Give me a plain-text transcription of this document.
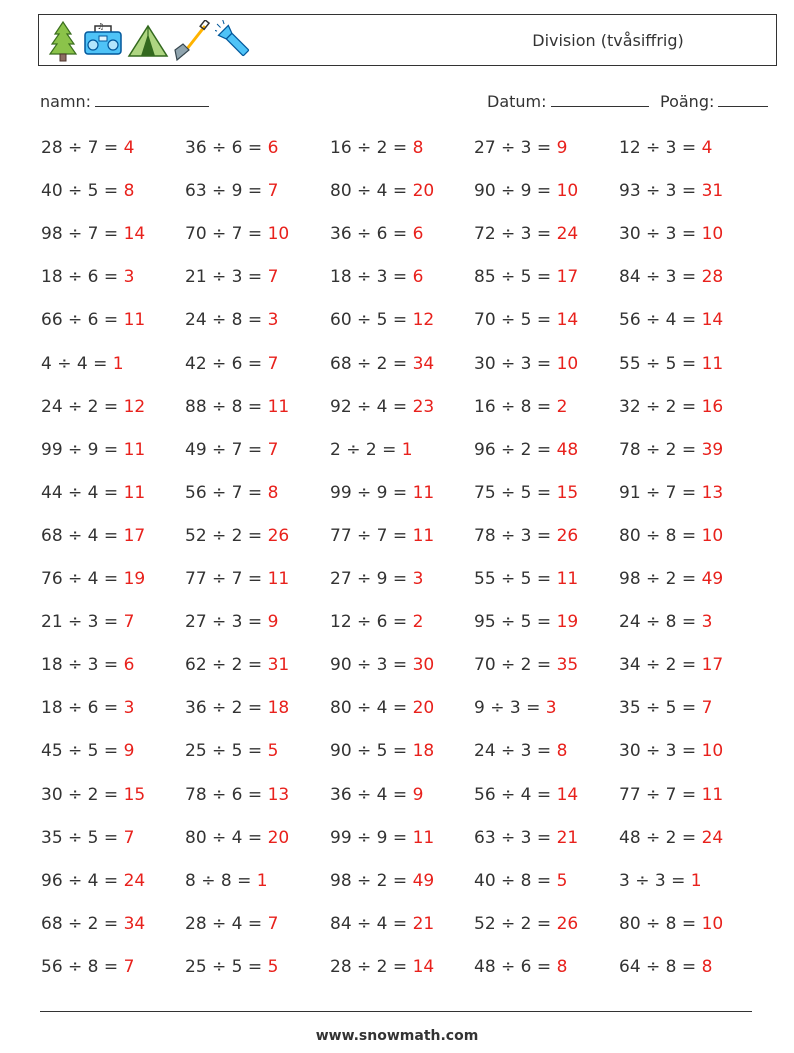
♫
Division (tvåsiffrig)
namn:	Datum:	Poäng:
28 ÷ 7 = 4	36 ÷ 6 = 6	16 ÷ 2 = 8	27 ÷ 3 = 9	12 ÷ 3 = 4
40 ÷ 5 = 8	63 ÷ 9 = 7	80 ÷ 4 = 20 90 ÷ 9 = 10 93 ÷ 3 = 31
98 ÷ 7 = 14 70 ÷ 7 = 10 36 ÷ 6 = 6	72 ÷ 3 = 24 30 ÷ 3 = 10
18 ÷ 6 = 3	21 ÷ 3 = 7	18 ÷ 3 = 6	85 ÷ 5 = 17 84 ÷ 3 = 28
66 ÷ 6 = 11 24 ÷ 8 = 3	60 ÷ 5 = 12 70 ÷ 5 = 14 56 ÷ 4 = 14
4 ÷ 4 = 1	42 ÷ 6 = 7	68 ÷ 2 = 34 30 ÷ 3 = 10 55 ÷ 5 = 11
24 ÷ 2 = 12 88 ÷ 8 = 11 92 ÷ 4 = 23 16 ÷ 8 = 2	32 ÷ 2 = 16
99 ÷ 9 = 11 49 ÷ 7 = 7	2 ÷ 2 = 1	96 ÷ 2 = 48 78 ÷ 2 = 39
44 ÷ 4 = 11 56 ÷ 7 = 8	99 ÷ 9 = 11 75 ÷ 5 = 15 91 ÷ 7 = 13
68 ÷ 4 = 17 52 ÷ 2 = 26 77 ÷ 7 = 11 78 ÷ 3 = 26 80 ÷ 8 = 10
76 ÷ 4 = 19 77 ÷ 7 = 11 27 ÷ 9 = 3	55 ÷ 5 = 11 98 ÷ 2 = 49
21 ÷ 3 = 7	27 ÷ 3 = 9	12 ÷ 6 = 2	95 ÷ 5 = 19 24 ÷ 8 = 3
18 ÷ 3 = 6	62 ÷ 2 = 31 90 ÷ 3 = 30 70 ÷ 2 = 35 34 ÷ 2 = 17
18 ÷ 6 = 3	36 ÷ 2 = 18 80 ÷ 4 = 20 9 ÷ 3 = 3	35 ÷ 5 = 7
45 ÷ 5 = 9	25 ÷ 5 = 5	90 ÷ 5 = 18 24 ÷ 3 = 8	30 ÷ 3 = 10
30 ÷ 2 = 15 78 ÷ 6 = 13 36 ÷ 4 = 9	56 ÷ 4 = 14 77 ÷ 7 = 11
35 ÷ 5 = 7	80 ÷ 4 = 20 99 ÷ 9 = 11 63 ÷ 3 = 21 48 ÷ 2 = 24
96 ÷ 4 = 24 8 ÷ 8 = 1	98 ÷ 2 = 49 40 ÷ 8 = 5	3 ÷ 3 = 1
68 ÷ 2 = 34 28 ÷ 4 = 7	84 ÷ 4 = 21 52 ÷ 2 = 26 80 ÷ 8 = 10
56 ÷ 8 = 7	25 ÷ 5 = 5	28 ÷ 2 = 14 48 ÷ 6 = 8	64 ÷ 8 = 8
www.snowmath.com
